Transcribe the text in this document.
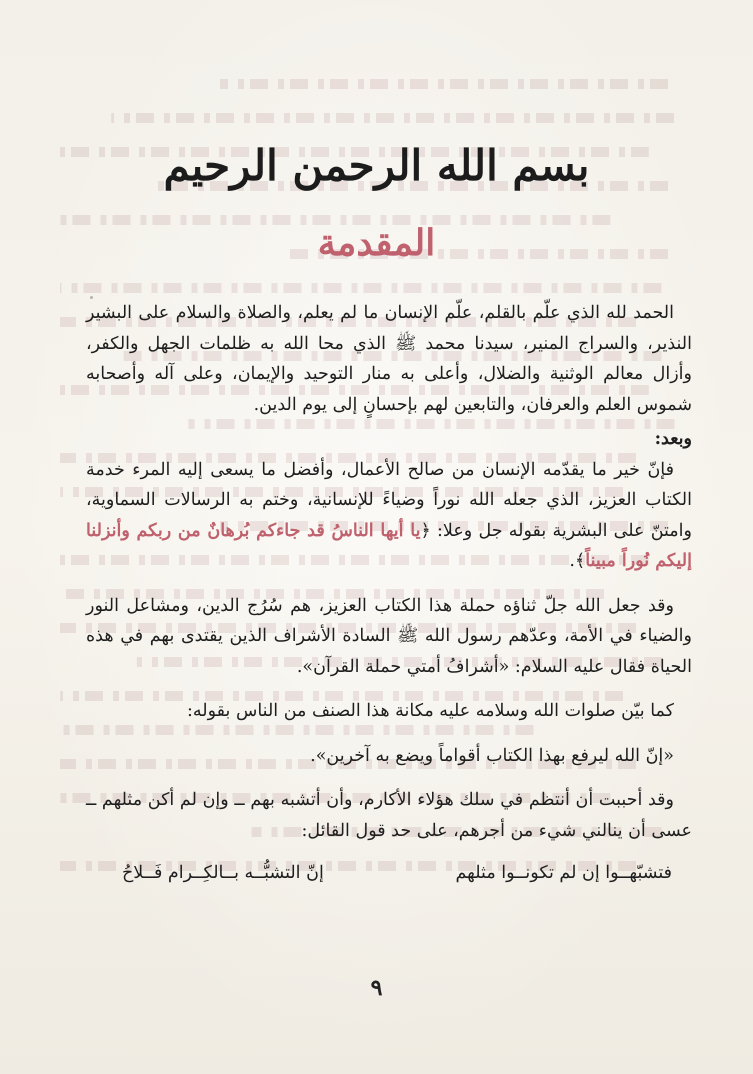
بسم الله الرحمن الرحيم
المقدمة

الحمد لله الذي علّم بالقلم، علّم الإنسان ما لم يعلم، والصلاة والسلام على البشير النذير، والسراج المنير، سيدنا محمد ﷺ الذي محا الله به ظلمات الجهل والكفر، وأزال معالم الوثنية والضلال، وأعلى به منار التوحيد والإيمان، وعلى آله وأصحابه شموس العلم والعرفان، والتابعين لهم بإحسانٍ إلى يوم الدين.

وبعد:

فإنّ خير ما يقدّمه الإنسان من صالح الأعمال، وأفضل ما يسعى إليه المرء خدمة الكتاب العزيز، الذي جعله الله نوراً وضياءً للإنسانية، وختم به الرسالات السماوية، وامتنّ على البشرية بقوله جل وعلا: ﴿يا أيها الناسُ قد جاءكم بُرهانٌ من ربكم وأنزلنا إليكم نُوراً مبيناً﴾.

وقد جعل الله جلّ ثناؤه حملة هذا الكتاب العزيز، هم سُرُج الدين، ومشاعل النور والضياء في الأمة، وعدّهم رسول الله ﷺ السادة الأشراف الذين يقتدى بهم في هذه الحياة فقال عليه السلام: «أشرافُ أمتي حملة القرآن».

كما بيّن صلوات الله وسلامه عليه مكانة هذا الصنف من الناس بقوله:

«إنّ الله ليرفع بهذا الكتاب أقواماً ويضع به آخرين».

وقد أحببت أن أنتظم في سلك هؤلاء الأكارم، وأن أتشبه بهم ــ وإن لم أكن مثلهم ــ عسى أن ينالني شيء من أجرهم، على حد قول القائل:

فتشبّهــوا إن لم تكونــوا مثلهم
إنّ التشبُّــه بــالكِــرام فَــلاحُ

٩
